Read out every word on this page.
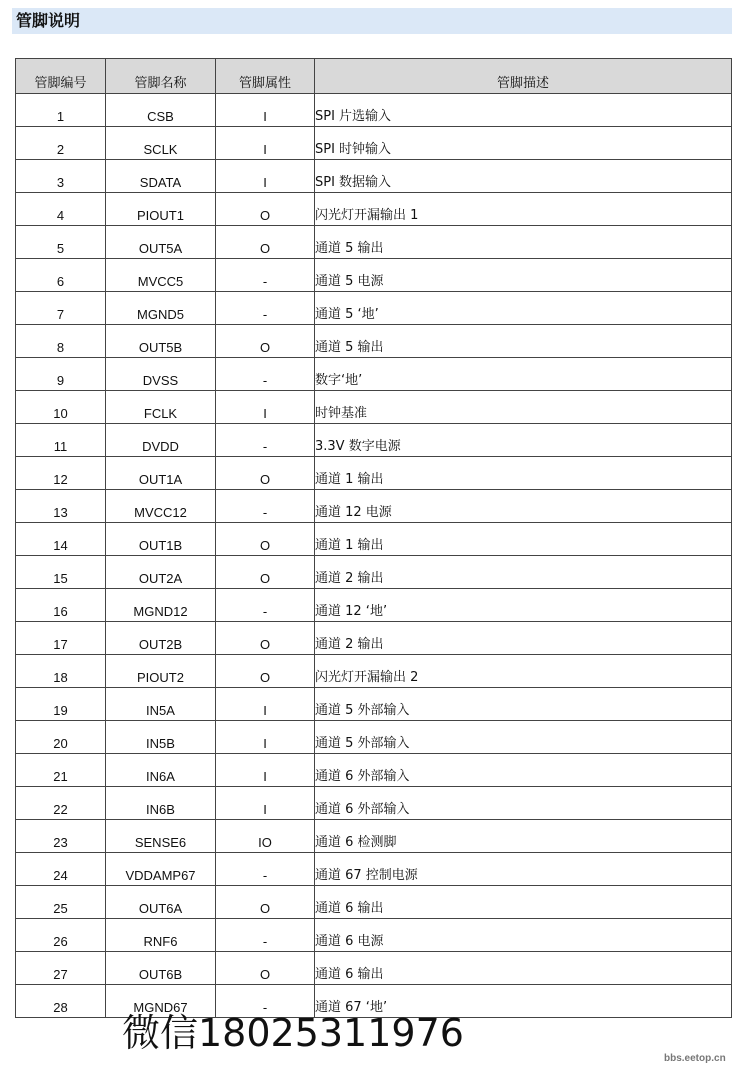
管脚说明
管脚编号	管脚名称	管脚属性	管脚描述
1	CSB	I	SPI 片选输入
2	SCLK	I	SPI 时钟输入
3	SDATA	I	SPI 数据输入
4	PIOUT1	O	闪光灯开漏输出 1
5	OUT5A	O	通道 5 输出
6	MVCC5	-	通道 5 电源
7	MGND5	-	通道 5 ‘地’
8	OUT5B	O	通道 5 输出
9	DVSS	-	数字‘地’
10	FCLK	I	时钟基准
11	DVDD	-	3.3V 数字电源
12	OUT1A	O	通道 1 输出
13	MVCC12	-	通道 12 电源
14	OUT1B	O	通道 1 输出
15	OUT2A	O	通道 2 输出
16	MGND12	-	通道 12 ‘地’
17	OUT2B	O	通道 2 输出
18	PIOUT2	O	闪光灯开漏输出 2
19	IN5A	I	通道 5 外部输入
20	IN5B	I	通道 5 外部输入
21	IN6A	I	通道 6 外部输入
22	IN6B	I	通道 6 外部输入
23	SENSE6	IO	通道 6 检测脚
24	VDDAMP67	-	通道 67 控制电源
25	OUT6A	O	通道 6 输出
26	RNF6	-	通道 6 电源
27	OUT6B	O	通道 6 输出
28	MGND67	-	通道 67 ‘地’
微信18025311976
bbs.eetop.cn
